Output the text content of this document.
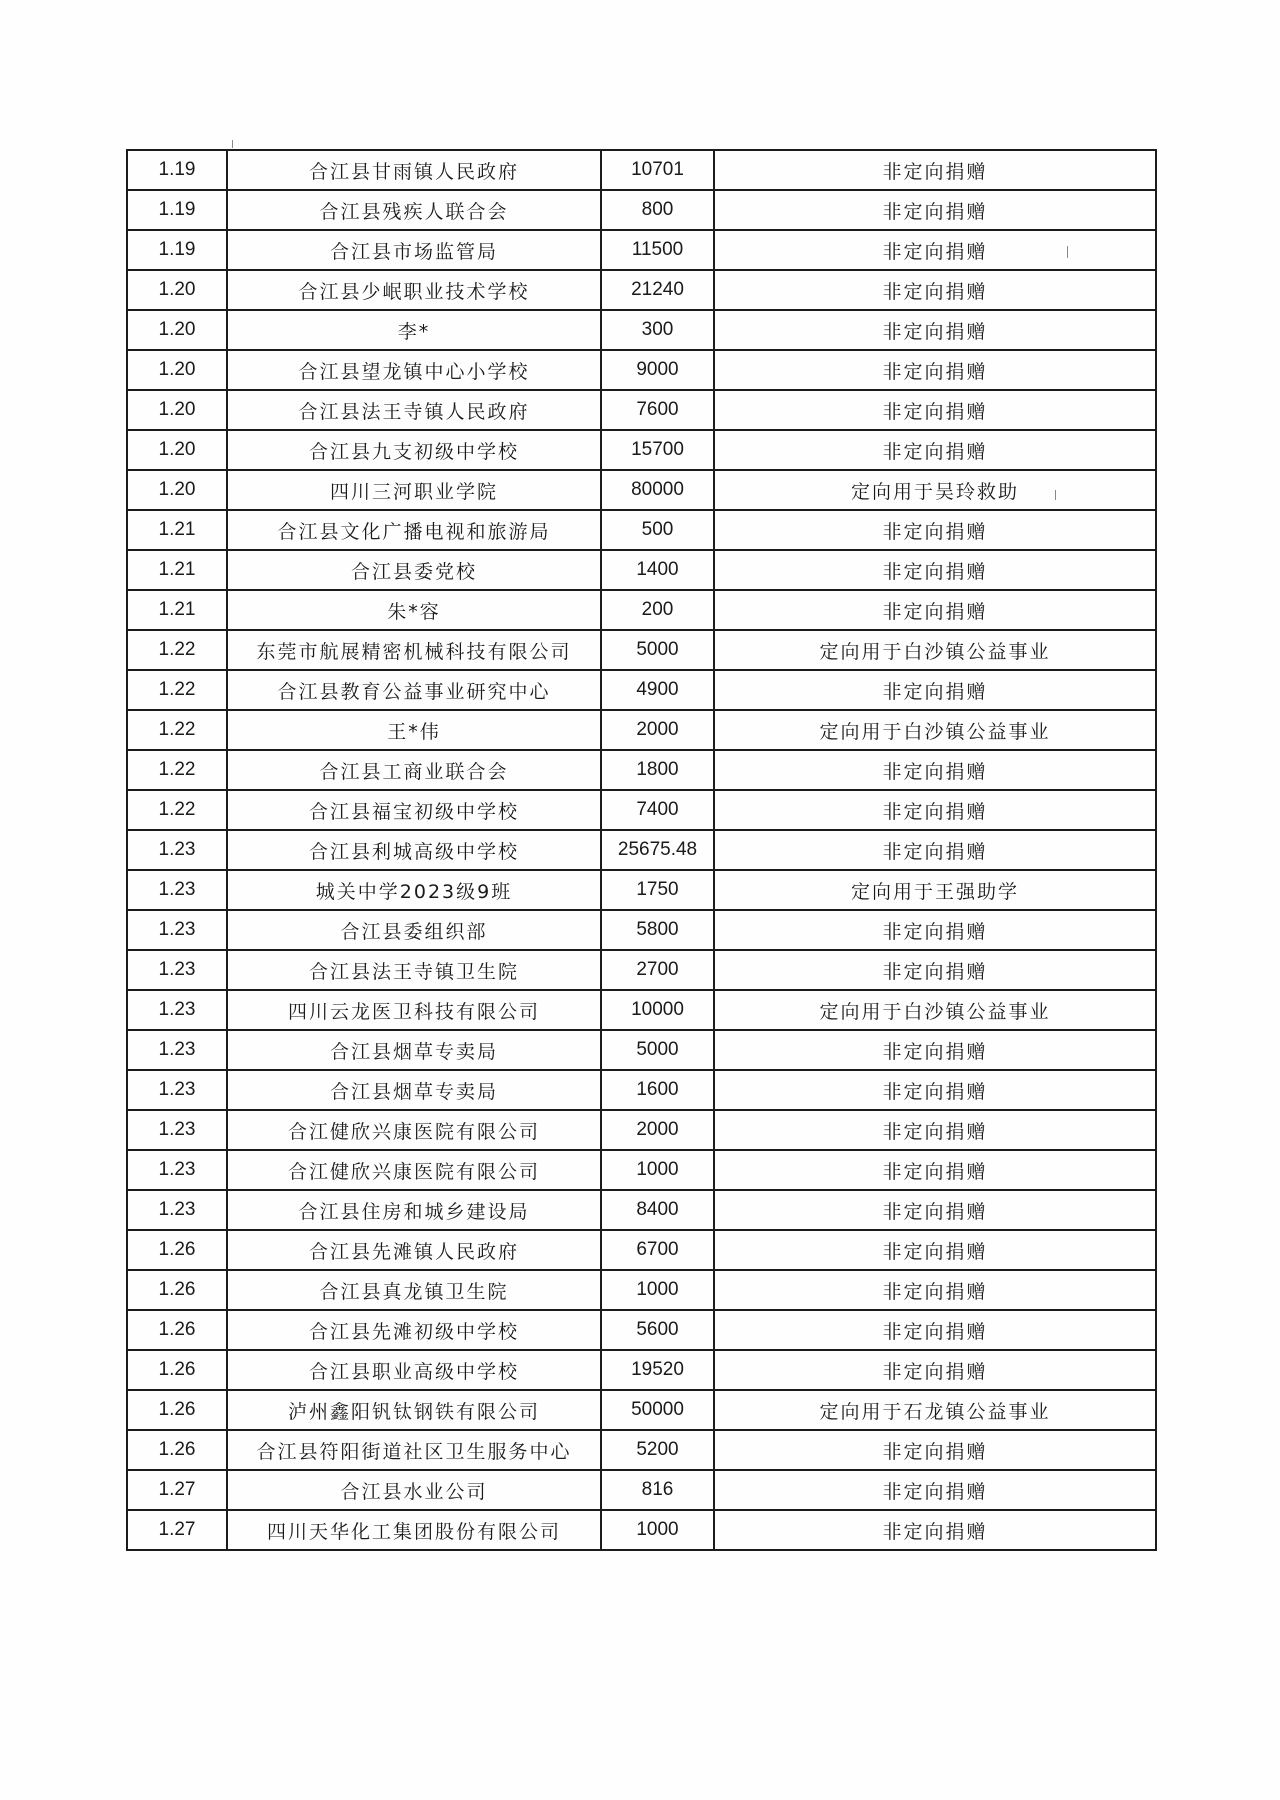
1.19	合江县甘雨镇人民政府	10701	非定向捐赠
1.19	合江县残疾人联合会	800	非定向捐赠
1.19	合江县市场监管局	11500	非定向捐赠
1.20	合江县少岷职业技术学校	21240	非定向捐赠
1.20	李*	300	非定向捐赠
1.20	合江县望龙镇中心小学校	9000	非定向捐赠
1.20	合江县法王寺镇人民政府	7600	非定向捐赠
1.20	合江县九支初级中学校	15700	非定向捐赠
1.20	四川三河职业学院	80000	定向用于吴玲救助
1.21	合江县文化广播电视和旅游局	500	非定向捐赠
1.21	合江县委党校	1400	非定向捐赠
1.21	朱*容	200	非定向捐赠
1.22	东莞市航展精密机械科技有限公司	5000	定向用于白沙镇公益事业
1.22	合江县教育公益事业研究中心	4900	非定向捐赠
1.22	王*伟	2000	定向用于白沙镇公益事业
1.22	合江县工商业联合会	1800	非定向捐赠
1.22	合江县福宝初级中学校	7400	非定向捐赠
1.23	合江县利城高级中学校	25675.48	非定向捐赠
1.23	城关中学2023级9班	1750	定向用于王强助学
1.23	合江县委组织部	5800	非定向捐赠
1.23	合江县法王寺镇卫生院	2700	非定向捐赠
1.23	四川云龙医卫科技有限公司	10000	定向用于白沙镇公益事业
1.23	合江县烟草专卖局	5000	非定向捐赠
1.23	合江县烟草专卖局	1600	非定向捐赠
1.23	合江健欣兴康医院有限公司	2000	非定向捐赠
1.23	合江健欣兴康医院有限公司	1000	非定向捐赠
1.23	合江县住房和城乡建设局	8400	非定向捐赠
1.26	合江县先滩镇人民政府	6700	非定向捐赠
1.26	合江县真龙镇卫生院	1000	非定向捐赠
1.26	合江县先滩初级中学校	5600	非定向捐赠
1.26	合江县职业高级中学校	19520	非定向捐赠
1.26	泸州鑫阳钒钛钢铁有限公司	50000	定向用于石龙镇公益事业
1.26	合江县符阳街道社区卫生服务中心	5200	非定向捐赠
1.27	合江县水业公司	816	非定向捐赠
1.27	四川天华化工集团股份有限公司	1000	非定向捐赠
